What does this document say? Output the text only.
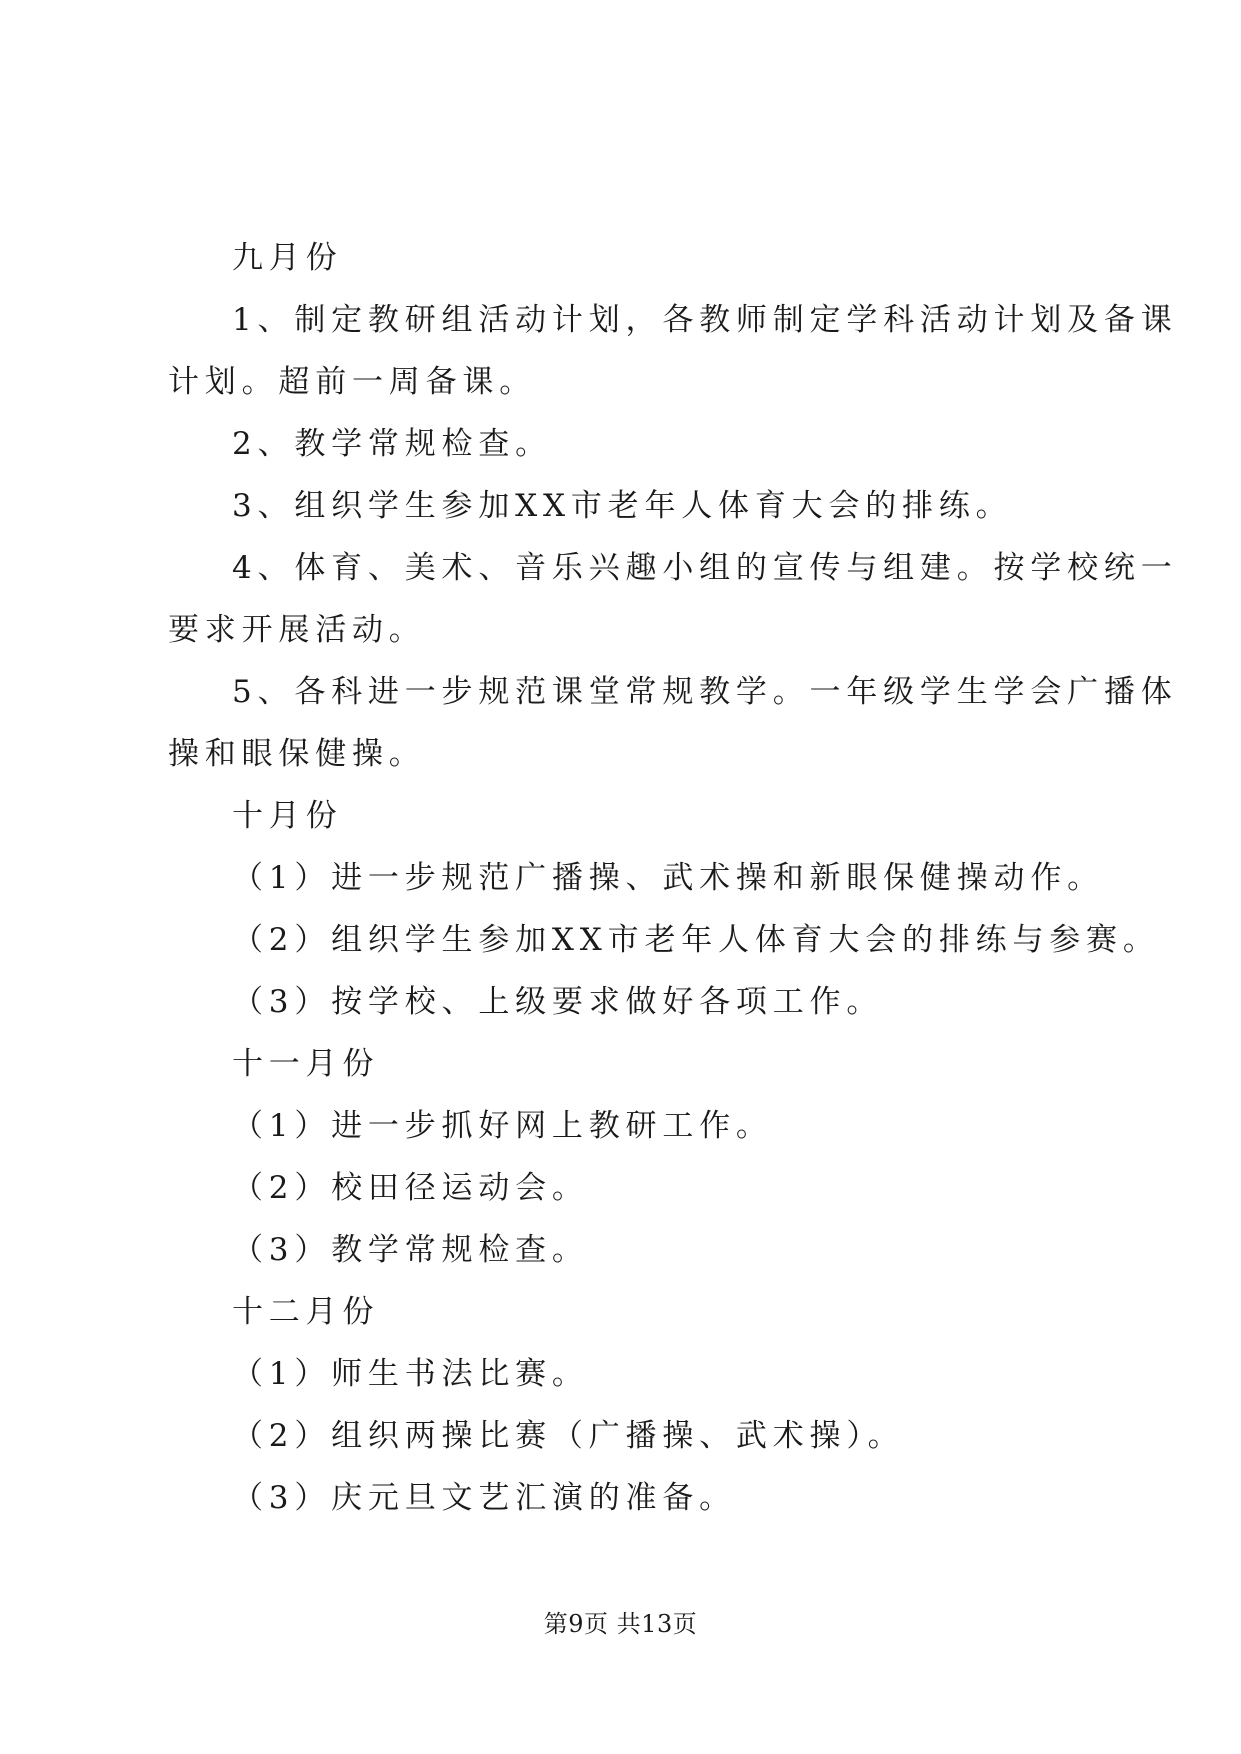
九月份
1、制定教研组活动计划，各教师制定学科活动计划及备课
计划。超前一周备课。
2、教学常规检查。
3、组织学生参加XX市老年人体育大会的排练。
4、体育、美术、音乐兴趣小组的宣传与组建。按学校统一
要求开展活动。
5、各科进一步规范课堂常规教学。一年级学生学会广播体
操和眼保健操。
十月份
（1）进一步规范广播操、武术操和新眼保健操动作。
（2）组织学生参加XX市老年人体育大会的排练与参赛。
（3）按学校、上级要求做好各项工作。
十一月份
（1）进一步抓好网上教研工作。
（2）校田径运动会。
（3）教学常规检查。
十二月份
（1）师生书法比赛。
（2）组织两操比赛（广播操、武术操）。
（3）庆元旦文艺汇演的准备。
第9页 共13页
